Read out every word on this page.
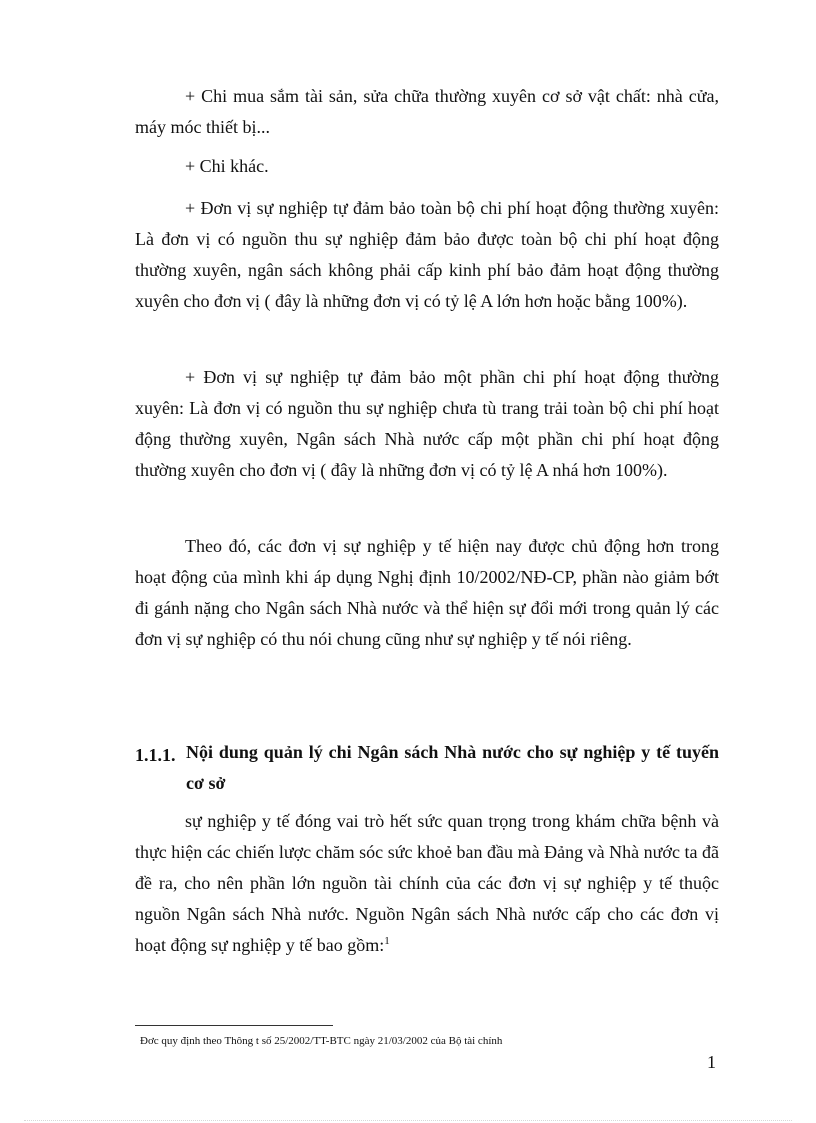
+ Chi mua sắm tài sản, sửa chữa thường xuyên cơ sở vật chất: nhà cửa, máy móc thiết bị...

+ Chi khác.

+ Đơn vị sự nghiệp tự đảm bảo toàn bộ chi phí hoạt động thường xuyên: Là đơn vị có nguồn thu sự nghiệp đảm bảo được toàn bộ chi phí hoạt động thường xuyên, ngân sách không phải cấp kinh phí bảo đảm hoạt động thường xuyên cho đơn vị ( đây là những đơn vị có tỷ lệ A lớn hơn hoặc bằng 100%).

+ Đơn vị sự nghiệp tự đảm bảo một phần chi phí hoạt động thường xuyên: Là đơn vị có nguồn thu sự nghiệp chưa tù trang trải toàn bộ chi phí hoạt động thường xuyên, Ngân sách Nhà nước cấp một phần chi phí hoạt động thường xuyên cho đơn vị ( đây là những đơn vị có tỷ lệ A nhá hơn 100%).

Theo đó, các đơn vị sự nghiệp y tế hiện nay được chủ động hơn trong hoạt động của mình khi áp dụng Nghị định 10/2002/NĐ-CP, phần nào giảm bớt đi gánh nặng cho Ngân sách Nhà nước và thể hiện sự đổi mới trong quản lý các đơn vị sự nghiệp có thu nói chung cũng như sự nghiệp y tế nói riêng.

1.1.1. Nội dung quản lý chi Ngân sách Nhà nước cho sự nghiệp y tế tuyến cơ sở

sự nghiệp y tế đóng vai trò hết sức quan trọng trong khám chữa bệnh và thực hiện các chiến lược chăm sóc sức khoẻ ban đầu mà Đảng và Nhà nước ta đã đề ra, cho nên phần lớn nguồn tài chính của các đơn vị sự nghiệp y tế thuộc nguồn Ngân sách Nhà nước. Nguồn Ngân sách Nhà nước cấp cho các đơn vị hoạt động sự nghiệp y tế bao gồm:$^1$

Đơc quy định theo Thông t số 25/2002/TT-BTC ngày 21/03/2002 của Bộ tài chính

1
